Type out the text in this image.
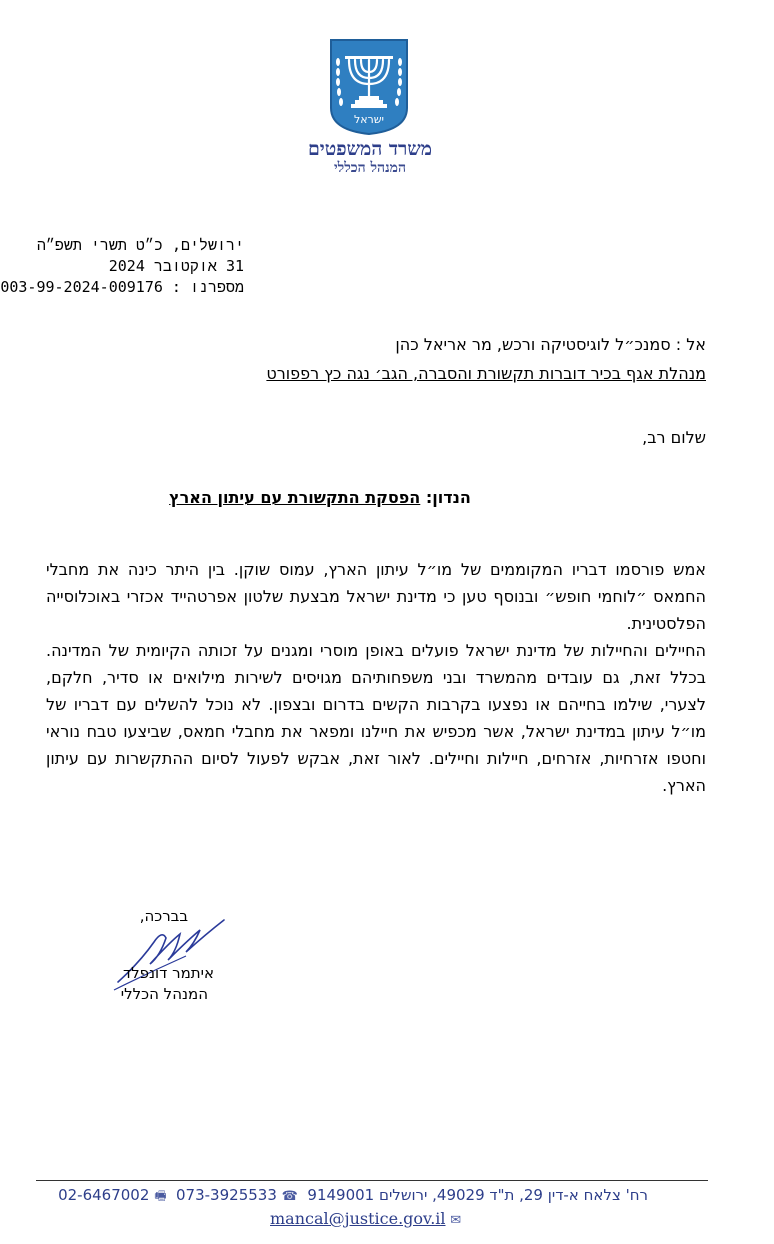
ישראל
משרד המשפטים
המנהל הכללי
ירושלים, כ״ט תשרי תשפ״ה
31 אוקטובר 2024
מספרנו : 003-99-2024-009176
אל : סמנכ״ל לוגיסטיקה ורכש, מר אריאל כהן
מנהלת אגף בכיר דוברות תקשורת והסברה, הגב׳ נגה כץ רפפורט
שלום רב,
הנדון: הפסקת התקשורת עם עיתון הארץ

אמש פורסמו דבריו המקוממים של מו״ל עיתון הארץ, עמוס שוקן. בין היתר כינה את מחבלי החמאס ״לוחמי חופש״ ובנוסף טען כי מדינת ישראל מבצעת שלטון אפרטהייד אכזרי באוכלוסייה הפלסטינית.

החיילים והחיילות של מדינת ישראל פועלים באופן מוסרי ומגנים על זכותה הקיומית של המדינה. בכלל זאת, גם עובדים מהמשרד ובני משפחותיהם מגויסים לשירות מילואים או סדיר, חלקם, לצערי, שילמו בחייהם או נפצעו בקרבות הקשים בדרום ובצפון. לא נוכל להשלים עם דבריו של מו״ל עיתון במדינת ישראל, אשר מכפיש את חיילנו ומפאר את מחבלי חמאס, שביצעו טבח נוראי וחטפו אזרחיות, אזרחים, חיילות וחיילים. לאור זאת, אבקש לפעול לסיום ההתקשרות עם עיתון הארץ.

בברכה,
איתמר דונפלד
המנהל הכללי
רח' צלאח א-דין 29, ת"ד 49029, ירושלים 9149001  ☎ 073-3925533  🖷 02-6467002
mancal@justice.gov.il ✉
